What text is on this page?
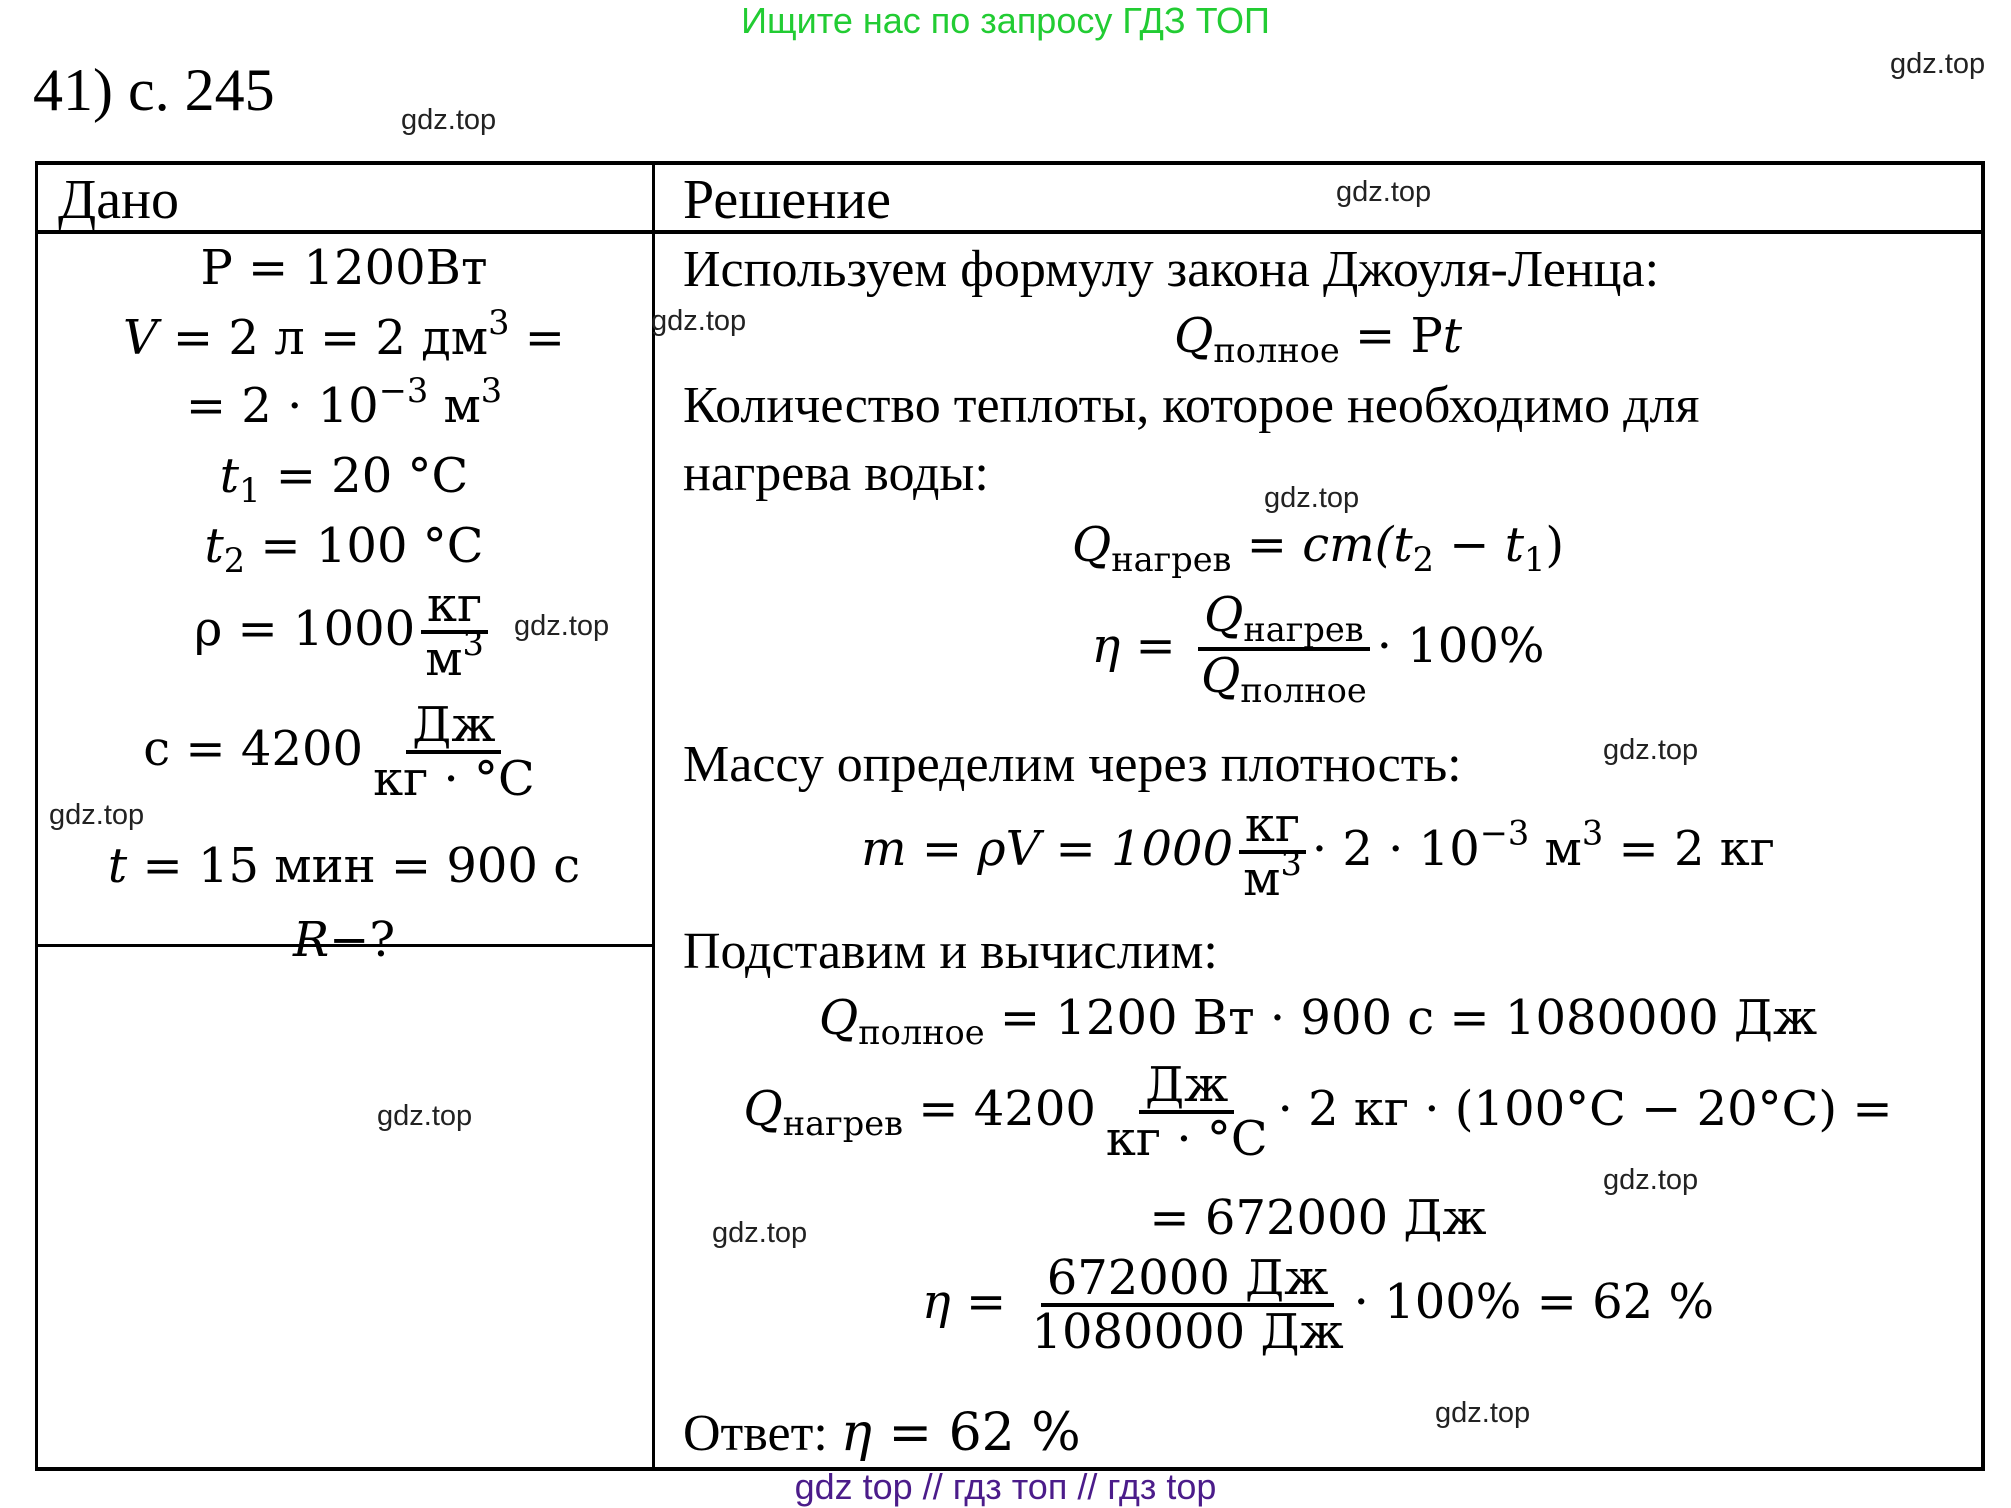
Ищите нас по запросу ГДЗ ТОП
41) с. 245
Дано	Решение
P = 1200Вт
V = 2 л = 2 $дм^3$ =
= $2 \cdot 10^{-3}$ $м^3$
$t_1 = 20$ °C
$t_2 = 100$ °C
$\rho = 1000 \frac{кг}{м^3}$
$c = 4200 \frac{Дж}{кг \cdot ^\circ C}$
t = 15 мин = 900 с
R−?
Используем формулу закона Джоуля-Ленца:
$Q_{полное} = Pt$
Количество теплоты, которое необходимо для
нагрева воды:
$Q_{нагрев} = cm(t_2 - t_1)$
$\eta = \frac{Q_{нагрев}}{Q_{полное}} \cdot 100\%$
Массу определим через плотность:
$m = \rho V = 1000 \frac{кг}{м^3} \cdot 2 \cdot 10^{-3}$ $м^3 = 2$ кг
Подставим и вычислим:
$Q_{полное} = 1200$ Вт · 900 с = 1080000 Дж
$Q_{нагрев} = 4200 \frac{Дж}{кг \cdot ^\circ C} \cdot 2$ кг · (100°C − 20°C) =
= 672000 Дж
$\eta = \frac{672000 Дж}{1080000 Дж} \cdot 100\% = 62$ %
Ответ: η = 62 %
gdz.top
gdz.top
gdz.top
gdz.top
gdz.top
gdz.top
gdz.top
gdz.top
gdz.top
gdz.top
gdz.top
gdz.top
gdz top // гдз топ // гдз top
